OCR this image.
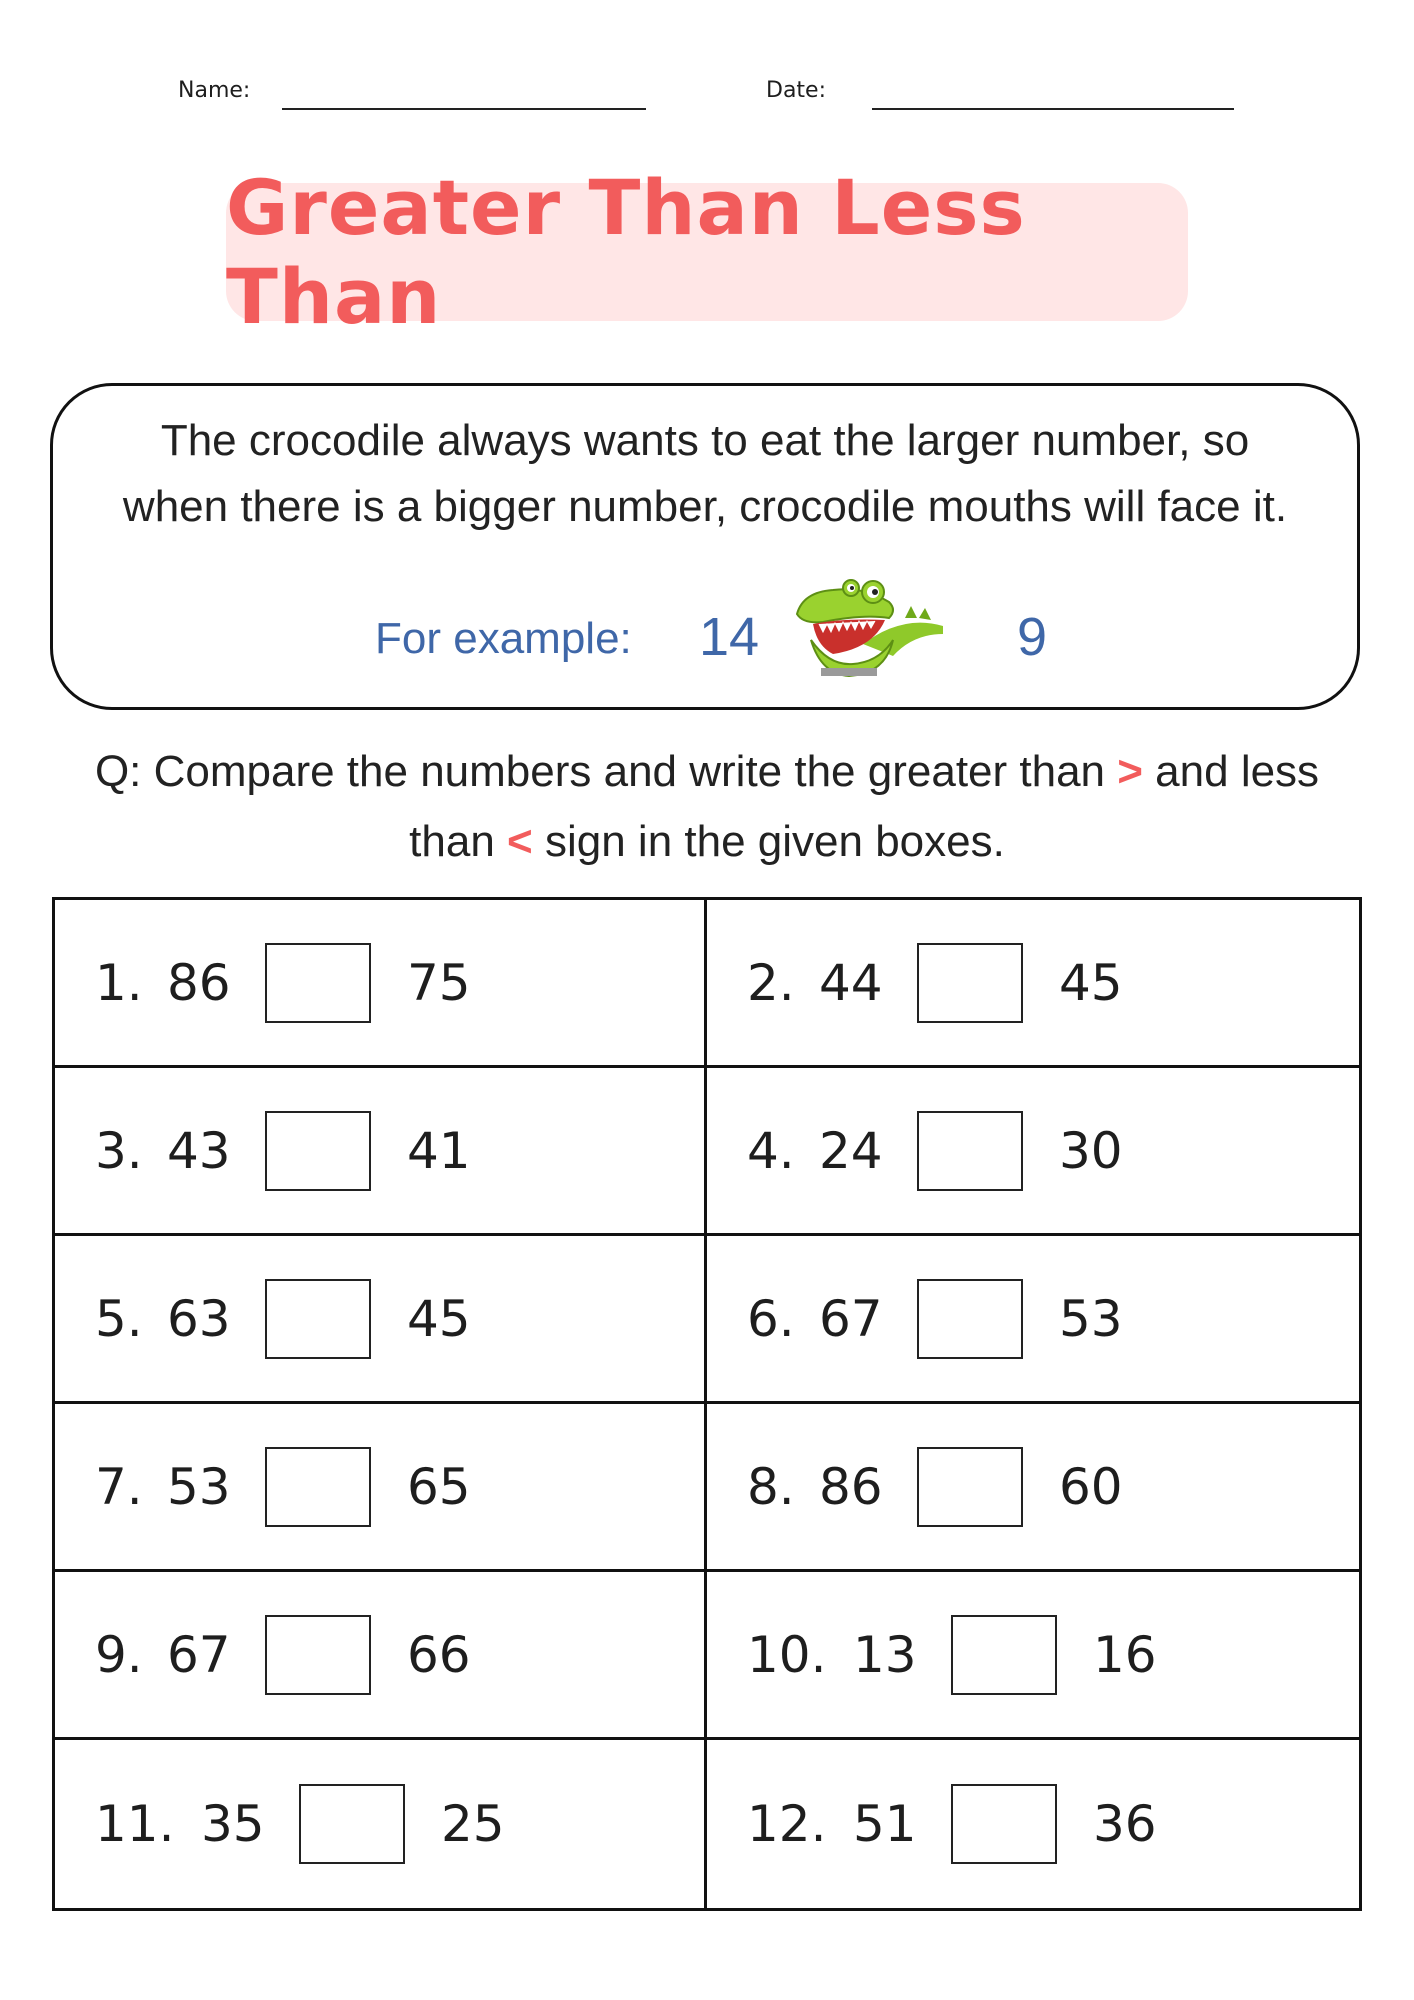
Name:	Date:
Greater Than Less Than
The crocodile always wants to eat the larger number, so when there is a bigger number, crocodile mouths will face it.
For example: 14	9
Q: Compare the numbers and write the greater than > and less than < sign in the given boxes.
1. 86	75	2. 44	45
3. 43	41	4. 24	30
5. 63	45	6. 67	53
7. 53	65	8. 86	60
9. 67	66	10. 13	16
11. 35	25	12. 51	36
